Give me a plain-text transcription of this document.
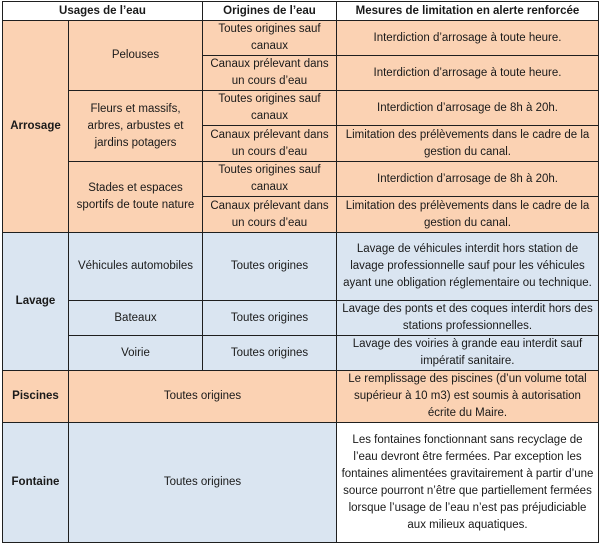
Usages de l’eau		Origines de l’eau	Mesures de limitation en alerte renforcée
Arrosage	Pelouses	Toutes origines sauf canaux	Interdiction d’arrosage à toute heure.
		Canaux prélevant dans un cours d’eau	Interdiction d’arrosage à toute heure.
	Fleurs et massifs, arbres, arbustes et jardins potagers	Toutes origines sauf canaux	Interdiction d’arrosage de 8h à 20h.
		Canaux prélevant dans un cours d’eau	Limitation des prélèvements dans le cadre de la gestion du canal.
	Stades et espaces sportifs de toute nature	Toutes origines sauf canaux	Interdiction d’arrosage de 8h à 20h.
		Canaux prélevant dans un cours d’eau	Limitation des prélèvements dans le cadre de la gestion du canal.
Lavage	Véhicules automobiles	Toutes origines	Lavage de véhicules interdit hors station de lavage professionnelle sauf pour les véhicules ayant une obligation réglementaire ou technique.
	Bateaux	Toutes origines	Lavage des ponts et des coques interdit hors des stations professionnelles.
	Voirie	Toutes origines	Lavage des voiries à grande eau interdit sauf impératif sanitaire.
Piscines	Toutes origines		Le remplissage des piscines (d’un volume total supérieur à 10 m3) est soumis à autorisation écrite du Maire.
Fontaine	Toutes origines		Les fontaines fonctionnant sans recyclage de l’eau devront être fermées. Par exception les fontaines alimentées gravitairement à partir d’une source pourront n’être que partiellement fermées lorsque l’usage de l’eau n’est pas préjudiciable aux milieux aquatiques.
